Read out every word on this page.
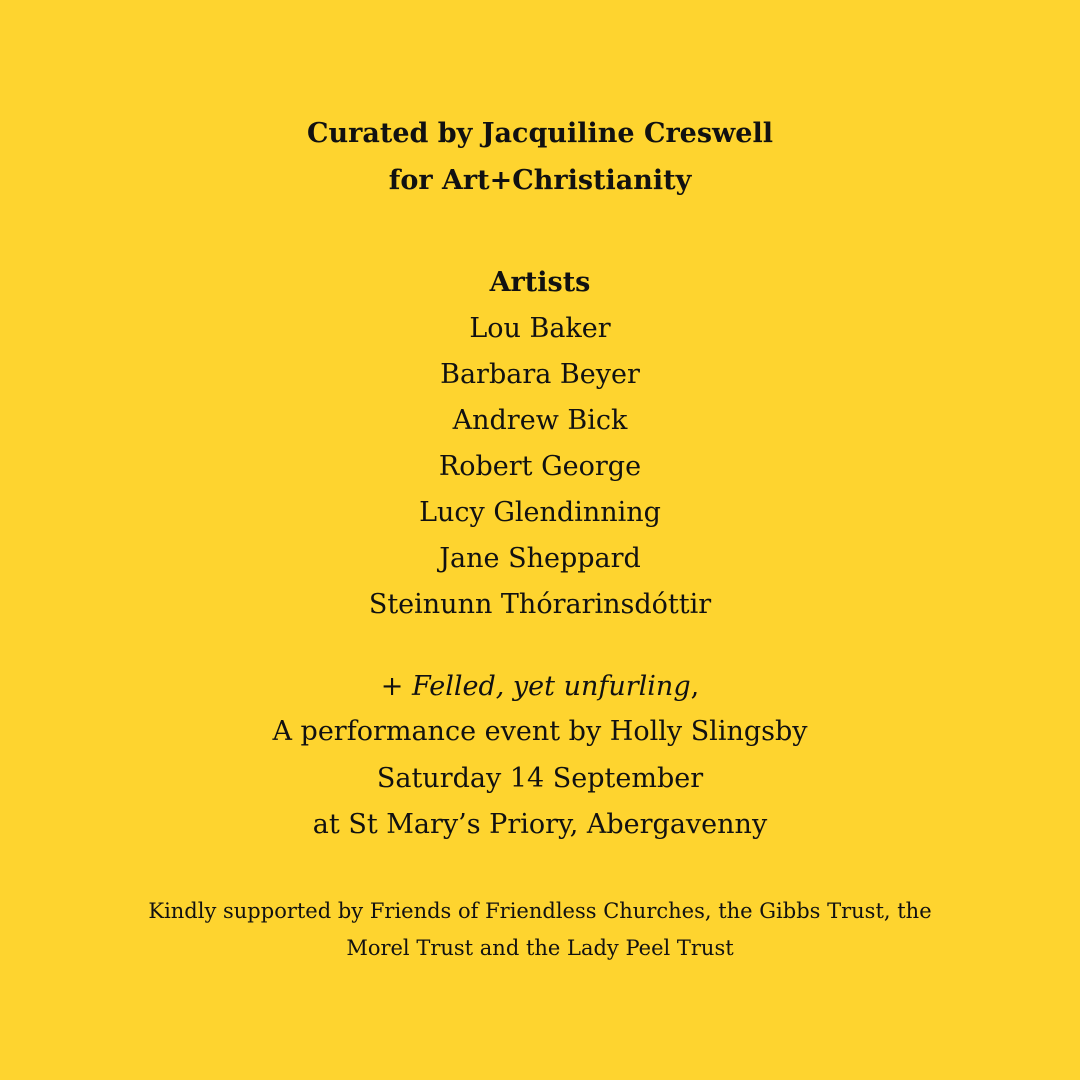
Curated by Jacquiline Creswell
for Art+Christianity
Artists
Lou Baker
Barbara Beyer
Andrew Bick
Robert George
Lucy Glendinning
Jane Sheppard
Steinunn Thórarinsdóttir
+ Felled, yet unfurling,
A performance event by Holly Slingsby
Saturday 14 September
at St Mary’s Priory, Abergavenny
Kindly supported by Friends of Friendless Churches, the Gibbs Trust, the
Morel Trust and the Lady Peel Trust
